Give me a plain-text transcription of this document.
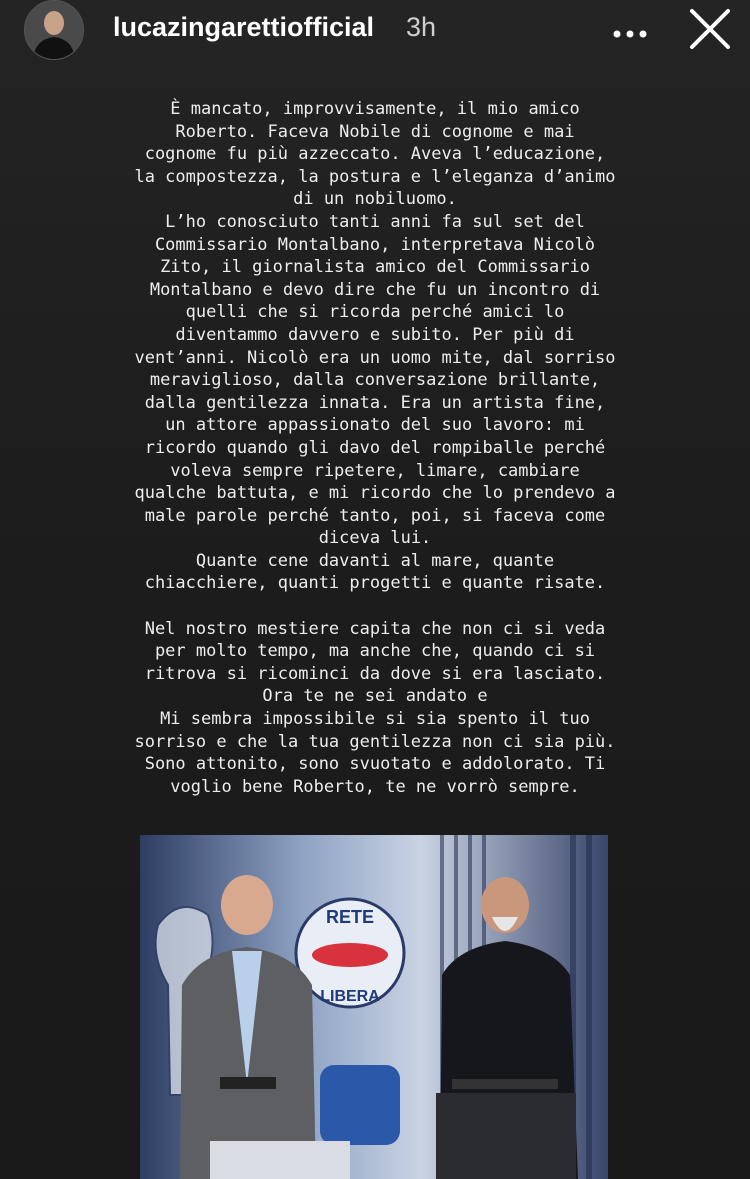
lucazingarettiofficial 3h
È mancato, improvvisamente, il mio amico
Roberto. Faceva Nobile di cognome e mai
cognome fu più azzeccato. Aveva l’educazione,
la compostezza, la postura e l’eleganza d’animo
di un nobiluomo.
L’ho conosciuto tanti anni fa sul set del
Commissario Montalbano, interpretava Nicolò
Zito, il giornalista amico del Commissario
Montalbano e devo dire che fu un incontro di
quelli che si ricorda perché amici lo
diventammo davvero e subito. Per più di
vent’anni. Nicolò era un uomo mite, dal sorriso
meraviglioso, dalla conversazione brillante,
dalla gentilezza innata. Era un artista fine,
un attore appassionato del suo lavoro: mi
ricordo quando gli davo del rompiballe perché
voleva sempre ripetere, limare, cambiare
qualche battuta, e mi ricordo che lo prendevo a
male parole perché tanto, poi, si faceva come
diceva lui.
Quante cene davanti al mare, quante
chiacchiere, quanti progetti e quante risate.

Nel nostro mestiere capita che non ci si veda
per molto tempo, ma anche che, quando ci si
ritrova si ricominci da dove si era lasciato.
Ora te ne sei andato e
Mi sembra impossibile si sia spento il tuo
sorriso e che la tua gentilezza non ci sia più.
Sono attonito, sono svuotato e addolorato. Ti
voglio bene Roberto, te ne vorrò sempre.
RETE
LIBERA
